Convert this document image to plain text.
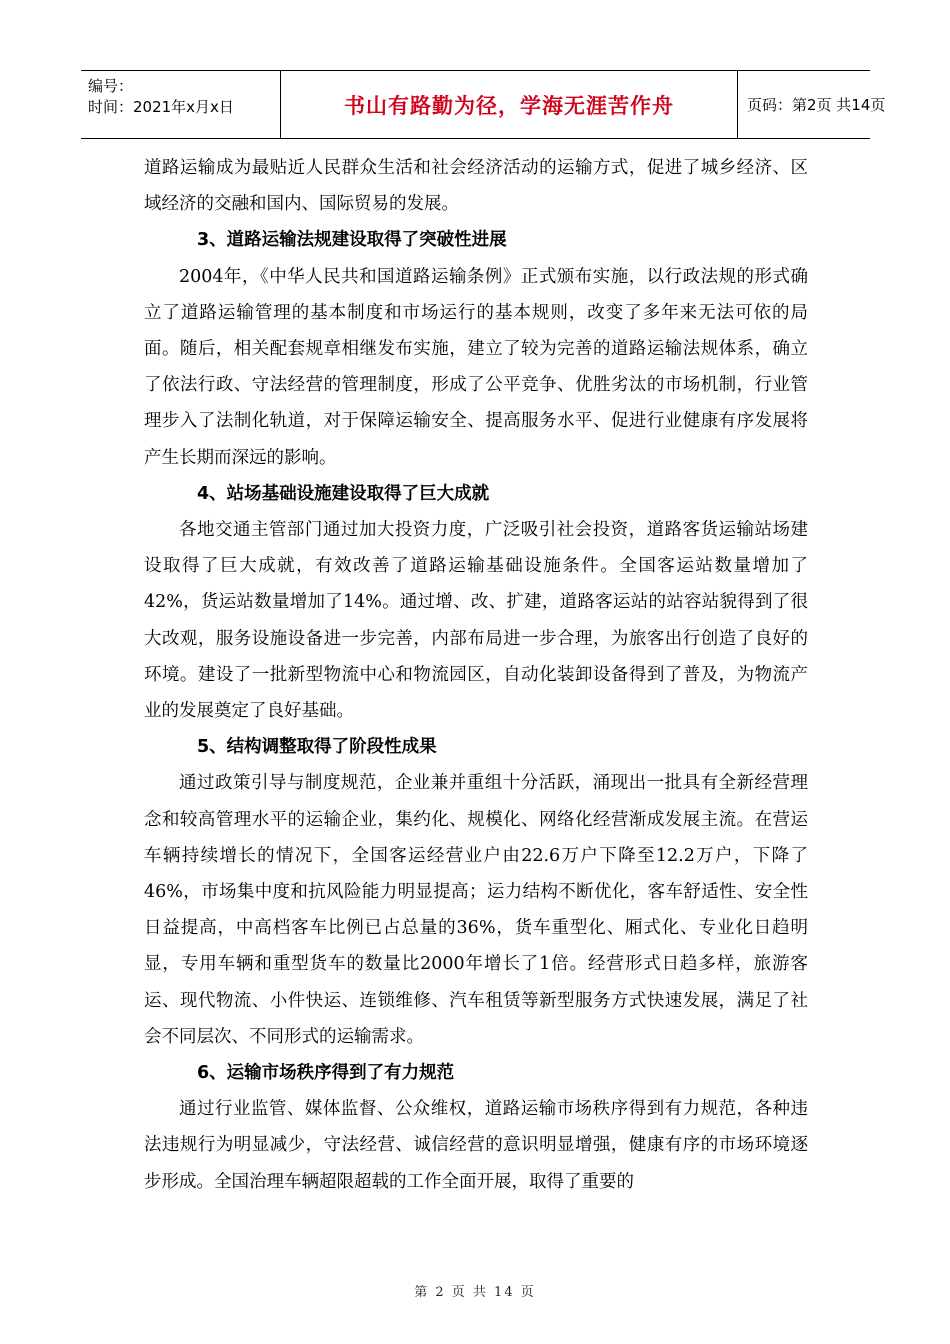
编号：
时间：2021年x月x日	书山有路勤为径，学海无涯苦作舟	页码：第2页 共14页

道路运输成为最贴近人民群众生活和社会经济活动的运输方式，促进了城乡经济、区域经济的交融和国内、国际贸易的发展。

3、道路运输法规建设取得了突破性进展

2004年，《中华人民共和国道路运输条例》正式颁布实施，以行政法规的形式确立了道路运输管理的基本制度和市场运行的基本规则，改变了多年来无法可依的局面。随后，相关配套规章相继发布实施，建立了较为完善的道路运输法规体系，确立了依法行政、守法经营的管理制度，形成了公平竞争、优胜劣汰的市场机制，行业管理步入了法制化轨道，对于保障运输安全、提高服务水平、促进行业健康有序发展将产生长期而深远的影响。

4、站场基础设施建设取得了巨大成就

各地交通主管部门通过加大投资力度，广泛吸引社会投资，道路客货运输站场建设取得了巨大成就，有效改善了道路运输基础设施条件。全国客运站数量增加了42%，货运站数量增加了14%。通过增、改、扩建，道路客运站的站容站貌得到了很大改观，服务设施设备进一步完善，内部布局进一步合理，为旅客出行创造了良好的环境。建设了一批新型物流中心和物流园区，自动化装卸设备得到了普及，为物流产业的发展奠定了良好基础。

5、结构调整取得了阶段性成果

通过政策引导与制度规范，企业兼并重组十分活跃，涌现出一批具有全新经营理念和较高管理水平的运输企业，集约化、规模化、网络化经营渐成发展主流。在营运车辆持续增长的情况下，全国客运经营业户由22.6万户下降至12.2万户，下降了46%，市场集中度和抗风险能力明显提高；运力结构不断优化，客车舒适性、安全性日益提高，中高档客车比例已占总量的36%，货车重型化、厢式化、专业化日趋明显，专用车辆和重型货车的数量比2000年增长了1倍。经营形式日趋多样，旅游客运、现代物流、小件快运、连锁维修、汽车租赁等新型服务方式快速发展，满足了社会不同层次、不同形式的运输需求。

6、运输市场秩序得到了有力规范

通过行业监管、媒体监督、公众维权，道路运输市场秩序得到有力规范，各种违法违规行为明显减少，守法经营、诚信经营的意识明显增强，健康有序的市场环境逐步形成。全国治理车辆超限超载的工作全面开展，取得了重要的

第 2 页 共 14 页
